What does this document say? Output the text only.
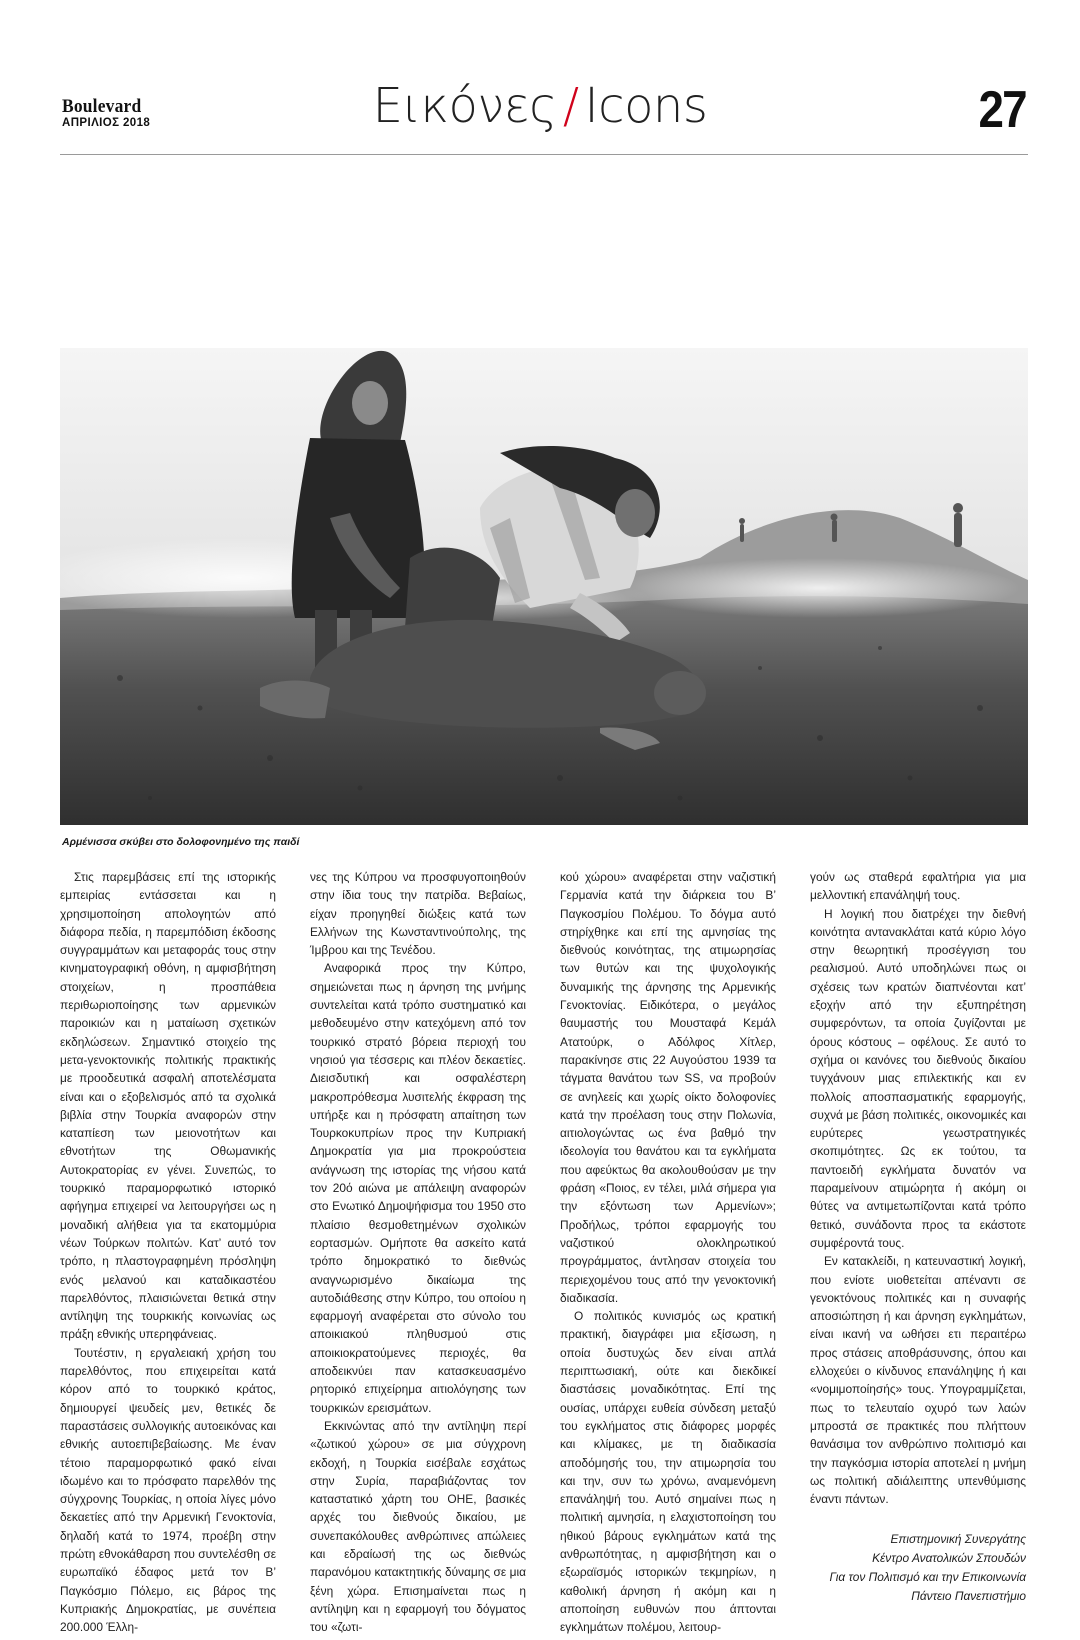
Boulevard
ΑΠΡΙΛΙΟΣ 2018	Εικόνες / Icons	27
Αρμένισσα σκύβει στο δολοφονημένο της παιδί

Στις παρεμβάσεις επί της ιστορικής εμπειρίας εντάσσεται και η χρησιμοποίηση απολογητών από διάφορα πεδία, η παρεμπόδιση έκδοσης συγγραμμάτων και μεταφοράς τους στην κινηματογραφική οθόνη, η αμφισβήτηση στοιχείων, η προσπάθεια περιθωριοποίησης των αρμενικών παροικιών και η ματαίωση σχετικών εκδηλώσεων. Σημαντικό στοιχείο της μετα-γενοκτονικής πολιτικής πρακτικής με προοδευτικά ασφαλή αποτελέσματα είναι και ο εξοβελισμός από τα σχολικά βιβλία στην Τουρκία αναφορών στην καταπίεση των μειονοτήτων και εθνοτήτων της Οθωμανικής Αυτοκρατορίας εν γένει. Συνεπώς, το τουρκικό παραμορφωτικό ιστορικό αφήγημα επιχειρεί να λειτουργήσει ως η μοναδική αλήθεια για τα εκατομμύρια νέων Τούρκων πολιτών. Κατ’ αυτό τον τρόπο, η πλαστογραφημένη πρόσληψη ενός μελανού και καταδικαστέου παρελθόντος, πλαισιώνεται θετικά στην αντίληψη της τουρκικής κοινωνίας ως πράξη εθνικής υπερηφάνειας.

Τουτέστιν, η εργαλειακή χρήση του παρελθόντος, που επιχειρείται κατά κόρον από το τουρκικό κράτος, δημιουργεί ψευδείς μεν, θετικές δε παραστάσεις συλλογικής αυτοεικόνας και εθνικής αυτοεπιβεβαίωσης. Με έναν τέτοιο παραμορφωτικό φακό είναι ιδωμένο και το πρόσφατο παρελθόν της σύγχρονης Τουρκίας, η οποία λίγες μόνο δεκαετίες από την Αρμενική Γενοκτονία, δηλαδή κατά το 1974, προέβη στην πρώτη εθνοκάθαρση που συντελέσθη σε ευρωπαϊκό έδαφος μετά τον Β’ Παγκόσμιο Πόλεμο, εις βάρος της Κυπριακής Δημοκρατίας, με συνέπεια 200.000 Έλλη-

νες της Κύπρου να προσφυγοποιηθούν στην ίδια τους την πατρίδα. Βεβαίως, είχαν προηγηθεί διώξεις κατά των Ελλήνων της Κωνσταντινούπολης, της Ίμβρου και της Τενέδου.

Αναφορικά προς την Κύπρο, σημειώνεται πως η άρνηση της μνήμης συντελείται κατά τρόπο συστηματικό και μεθοδευμένο στην κατεχόμενη από τον τουρκικό στρατό βόρεια περιοχή του νησιού για τέσσερις και πλέον δεκαετίες. Διεισδυτική και οσφαλέστερη μακροπρόθεσμα λυσιτελής έκφραση της υπήρξε και η πρόσφατη απαίτηση των Τουρκοκυπρίων προς την Κυπριακή Δημοκρατία για μια προκρούστεια ανάγνωση της ιστορίας της νήσου κατά τον 20ό αιώνα με απάλειψη αναφορών στο Ενωτικό Δημοψήφισμα του 1950 στο πλαίσιο θεσμοθετημένων σχολικών εορτασμών. Ομήποτε θα ασκείτο κατά τρόπο δημοκρατικό το διεθνώς αναγνωρισμένο δικαίωμα της αυτοδιάθεσης στην Κύπρο, του οποίου η εφαρμογή αναφέρεται στο σύνολο του αποικιακού πληθυσμού στις αποικιοκρατούμενες περιοχές, θα αποδεικνύει παν κατασκευασμένο ρητορικό επιχείρημα αιτιολόγησης των τουρκικών ερεισμάτων.

Εκκινώντας από την αντίληψη περί «ζωτικού χώρου» σε μια σύγχρονη εκδοχή, η Τουρκία εισέβαλε εσχάτως στην Συρία, παραβιάζοντας τον καταστατικό χάρτη του ΟΗΕ, βασικές αρχές του διεθνούς δικαίου, με συνεπακόλουθες ανθρώπινες απώλειες και εδραίωσή της ως διεθνώς παρανόμου κατακτητικής δύναμης σε μια ξένη χώρα. Επισημαίνεται πως η αντίληψη και η εφαρμογή του δόγματος του «ζωτι-

κού χώρου» αναφέρεται στην ναζιστική Γερμανία κατά την διάρκεια του Β’ Παγκοσμίου Πολέμου. Το δόγμα αυτό στηρίχθηκε και επί της αμνησίας της διεθνούς κοινότητας, της ατιμωρησίας των θυτών και της ψυχολογικής δυναμικής της άρνησης της Αρμενικής Γενοκτονίας. Ειδικότερα, ο μεγάλος θαυμαστής του Μουσταφά Κεμάλ Ατατούρκ, ο Αδόλφος Χίτλερ, παρακίνησε στις 22 Αυγούστου 1939 τα τάγματα θανάτου των SS, να προβούν σε ανηλεείς και χωρίς οίκτο δολοφονίες κατά την προέλαση τους στην Πολωνία, αιτιολογώντας ως ένα βαθμό την ιδεολογία του θανάτου και τα εγκλήματα που αφεύκτως θα ακολουθούσαν με την φράση «Ποιος, εν τέλει, μιλά σήμερα για την εξόντωση των Αρμενίων»; Προδήλως, τρόποι εφαρμογής του ναζιστικού ολοκληρωτικού προγράμματος, άντλησαν στοιχεία του περιεχομένου τους από την γενοκτονική διαδικασία.

Ο πολιτικός κυνισμός ως κρατική πρακτική, διαγράφει μια εξίσωση, η οποία δυστυχώς δεν είναι απλά περιπτωσιακή, ούτε και διεκδικεί διαστάσεις μοναδικότητας. Επί της ουσίας, υπάρχει ευθεία σύνδεση μεταξύ του εγκλήματος στις διάφορες μορφές και κλίμακες, με τη διαδικασία αποδόμησής του, την ατιμωρησία του και την, συν τω χρόνω, αναμενόμενη επανάληψή του. Αυτό σημαίνει πως η πολιτική αμνησία, η ελαχιστοποίηση του ηθικού βάρους εγκλημάτων κατά της ανθρωπότητας, η αμφισβήτηση και ο εξωραϊσμός ιστορικών τεκμηρίων, η καθολική άρνηση ή ακόμη και η αποποίηση ευθυνών που άπτονται εγκλημάτων πολέμου, λειτουρ-

γούν ως σταθερά εφαλτήρια για μια μελλοντική επανάληψή τους.

Η λογική που διατρέχει την διεθνή κοινότητα αντανακλάται κατά κύριο λόγο στην θεωρητική προσέγγιση του ρεαλισμού. Αυτό υποδηλώνει πως οι σχέσεις των κρατών διαπνέονται κατ’ εξοχήν από την εξυπηρέτηση συμφερόντων, τα οποία ζυγίζονται με όρους κόστους – οφέλους. Σε αυτό το σχήμα οι κανόνες του διεθνούς δικαίου τυγχάνουν μιας επιλεκτικής και εν πολλοίς αποσπασματικής εφαρμογής, συχνά με βάση πολιτικές, οικονομικές και ευρύτερες γεωστρατηγικές σκοπιμότητες. Ως εκ τούτου, τα παντοειδή εγκλήματα δυνατόν να παραμείνουν ατιμώρητα ή ακόμη οι θύτες να αντιμετωπίζονται κατά τρόπο θετικό, συνάδοντα προς τα εκάστοτε συμφέροντά τους.

Εν κατακλείδι, η κατευναστική λογική, που ενίοτε υιοθετείται απέναντι σε γενοκτόνους πολιτικές και η συναφής αποσιώπηση ή και άρνηση εγκλημάτων, είναι ικανή να ωθήσει ετι περαιτέρω προς στάσεις αποθράσυνσης, όπου και ελλοχεύει ο κίνδυνος επανάληψης ή και «νομιμοποίησής» τους. Υπογραμμίζεται, πως το τελευταίο οχυρό των λαών μπροστά σε πρακτικές που πλήττουν θανάσιμα τον ανθρώπινο πολιτισμό και την παγκόσμια ιστορία αποτελεί η μνήμη ως πολιτική αδιάλειπτης υπενθύμισης έναντι πάντων.

Επιστημονική Συνεργάτης
Κέντρο Ανατολικών Σπουδών
Για τον Πολιτισμό και την Επικοινωνία
Πάντειο Πανεπιστήμιο
